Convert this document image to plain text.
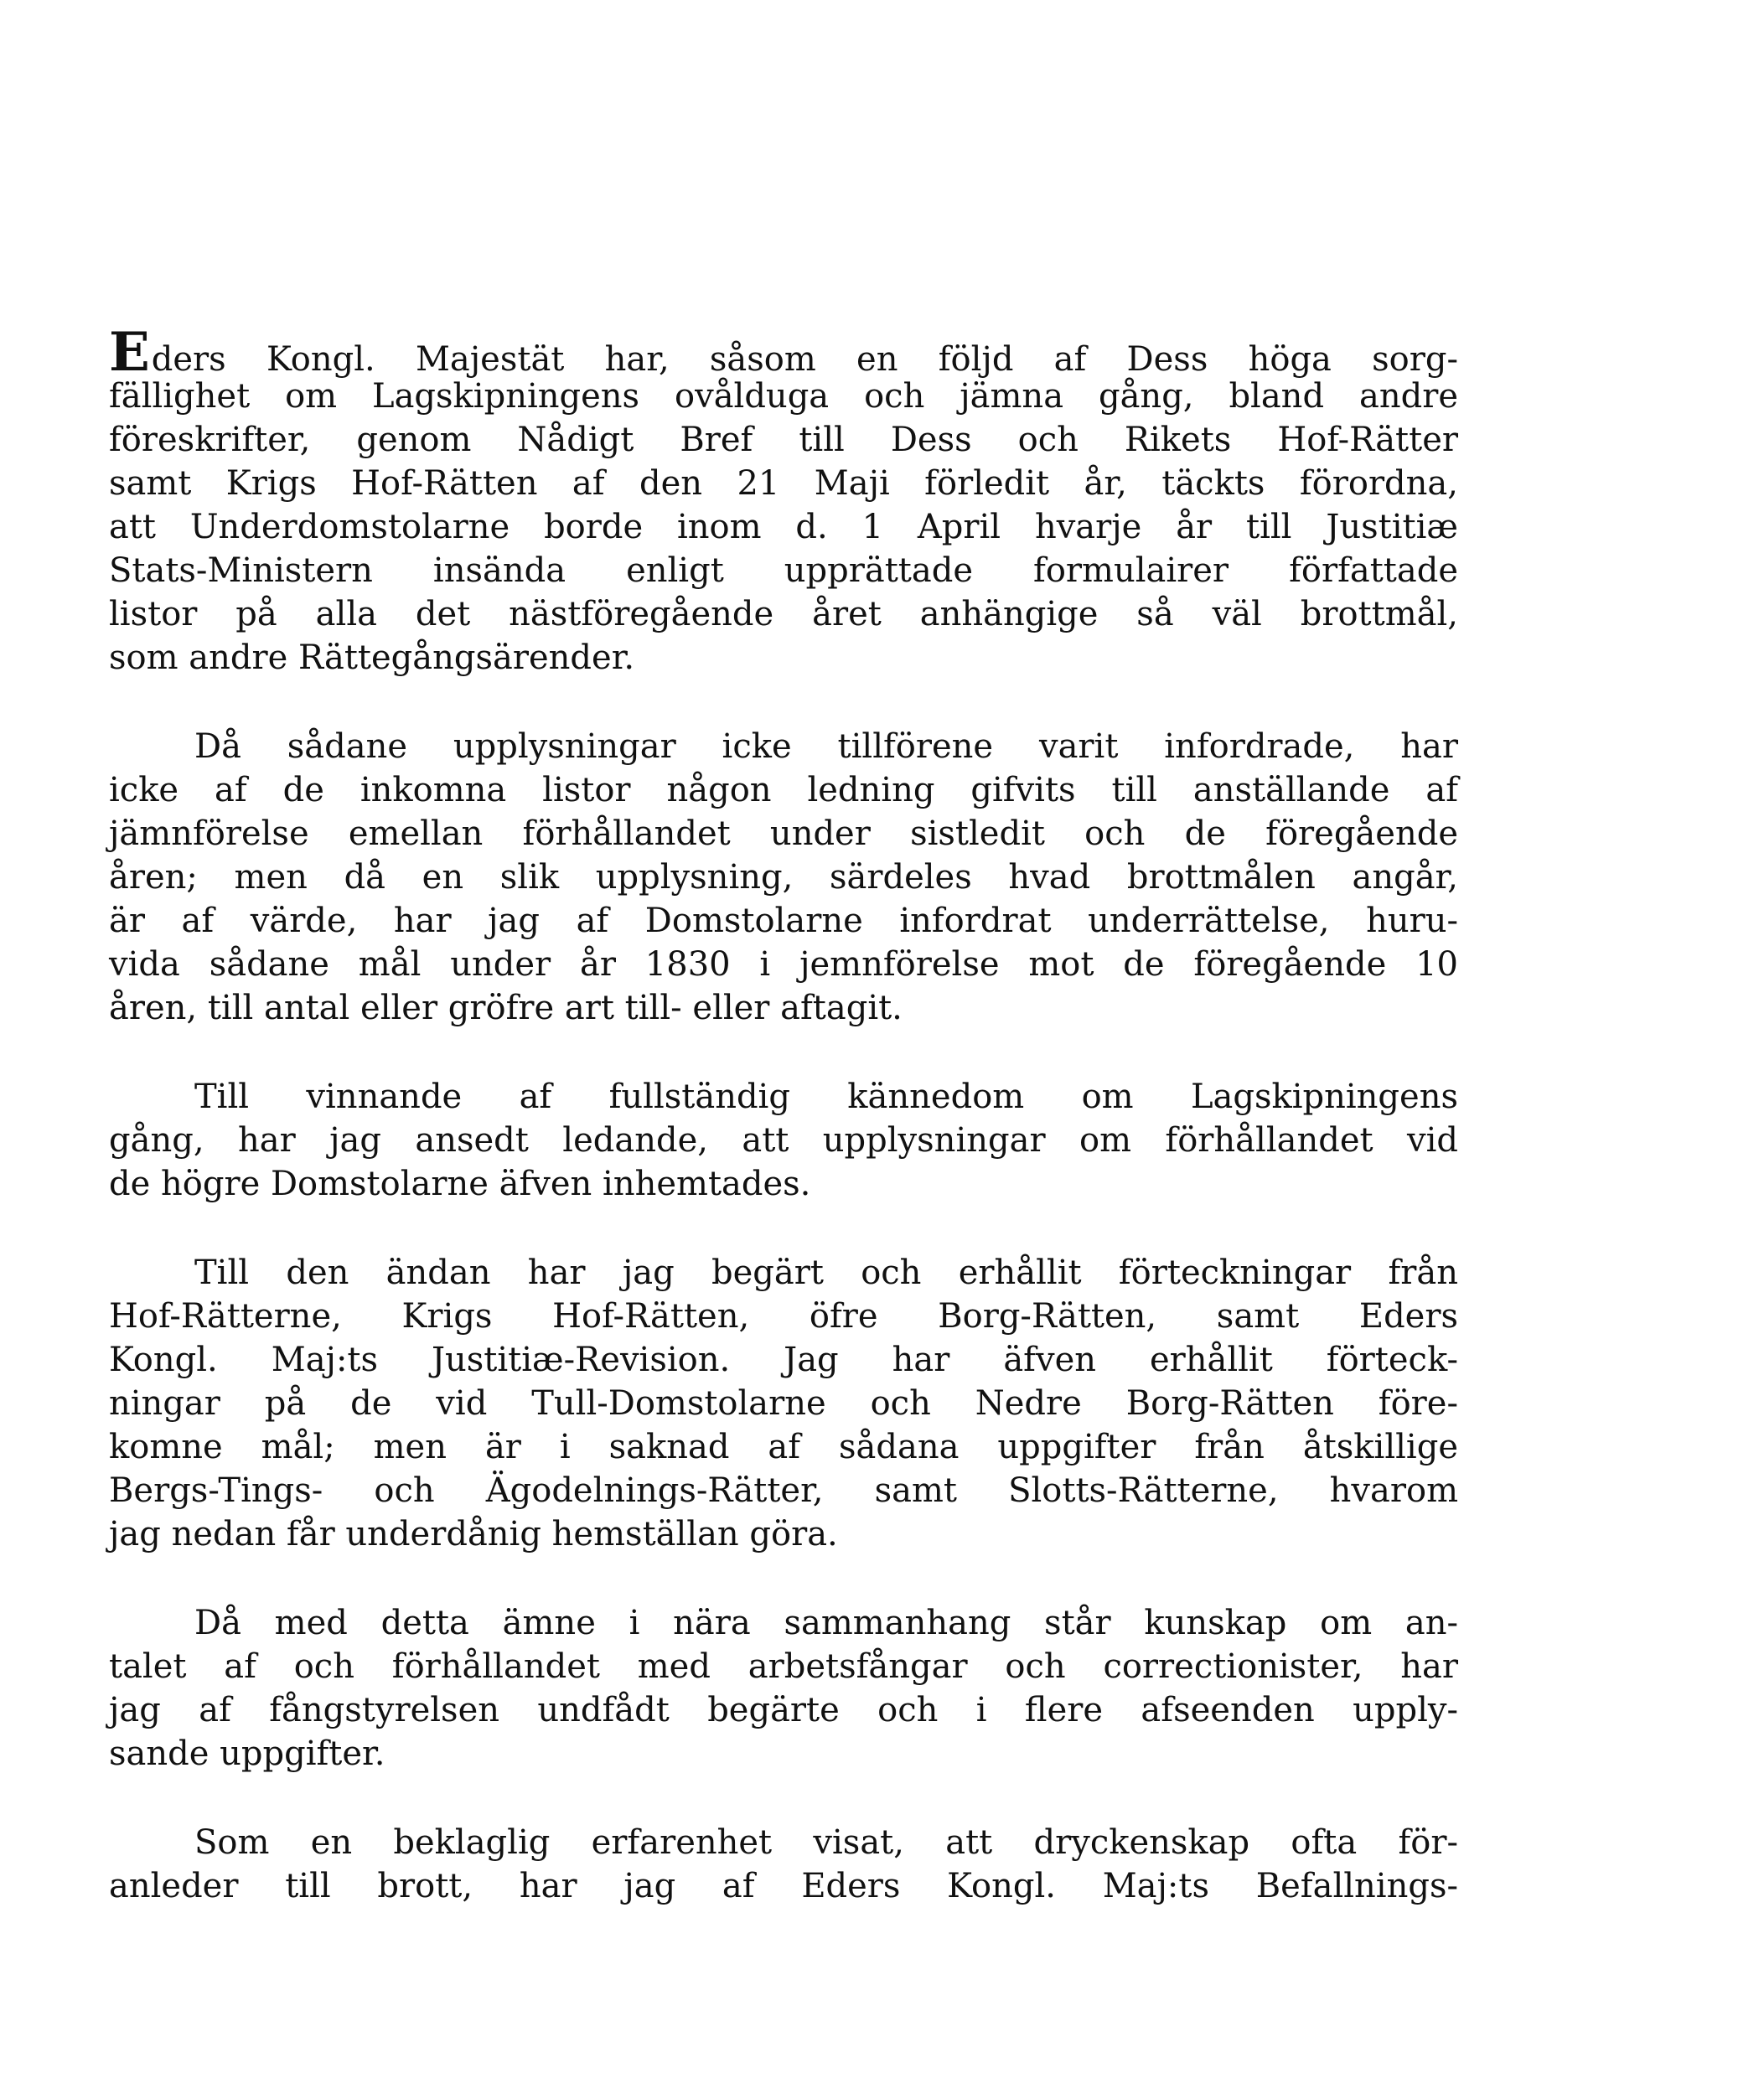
Eders Kongl. Majestät har, såsom en följd af Dess höga sorg-
fällighet om Lagskipningens ovålduga och jämna gång, bland andre
föreskrifter, genom Nådigt Bref till Dess och Rikets Hof-Rätter
samt Krigs Hof-Rätten af den 21 Maji förledit år, täckts förordna,
att Underdomstolarne borde inom d. 1 April hvarje år till Justitiæ
Stats-Ministern insända enligt upprättade formulairer författade
listor på alla det nästföregående året anhängige så väl brottmål,
som andre Rättegångsärender.

Då sådane upplysningar icke tillförene varit infordrade, har
icke af de inkomna listor någon ledning gifvits till anställande af
jämnförelse emellan förhållandet under sistledit och de föregående
åren; men då en slik upplysning, särdeles hvad brottmålen angår,
är af värde, har jag af Domstolarne infordrat underrättelse, huru-
vida sådane mål under år 1830 i jemnförelse mot de föregående 10
åren, till antal eller gröfre art till- eller aftagit.

Till vinnande af fullständig kännedom om Lagskipningens
gång, har jag ansedt ledande, att upplysningar om förhållandet vid
de högre Domstolarne äfven inhemtades.

Till den ändan har jag begärt och erhållit förteckningar från
Hof-Rätterne, Krigs Hof-Rätten, öfre Borg-Rätten, samt Eders
Kongl. Maj:ts Justitiæ-Revision. Jag har äfven erhållit förteck-
ningar på de vid Tull-Domstolarne och Nedre Borg-Rätten före-
komne mål; men är i saknad af sådana uppgifter från åtskillige
Bergs-Tings- och Ägodelnings-Rätter, samt Slotts-Rätterne, hvarom
jag nedan får underdånig hemställan göra.

Då med detta ämne i nära sammanhang står kunskap om an-
talet af och förhållandet med arbetsfångar och correctionister, har
jag af fångstyrelsen undfådt begärte och i flere afseenden upply-
sande uppgifter.

Som en beklaglig erfarenhet visat, att dryckenskap ofta för-
anleder till brott, har jag af Eders Kongl. Maj:ts Befallnings-
